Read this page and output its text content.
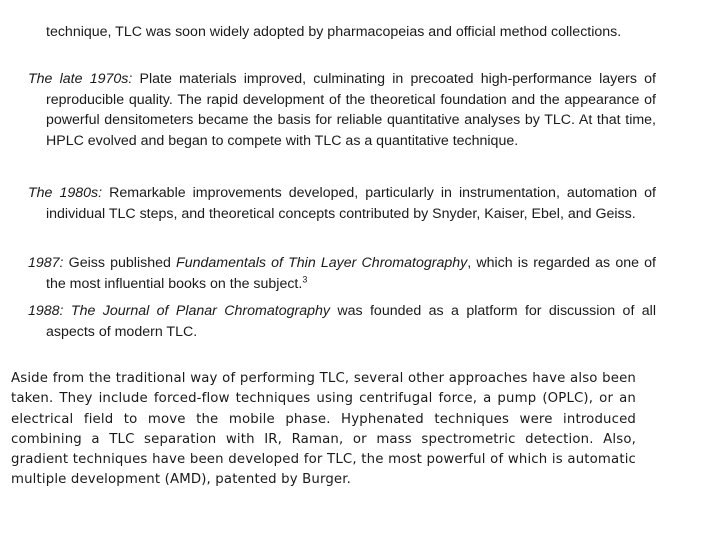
technique, TLC was soon widely adopted by pharmacopeias and official method collections.

The late 1970s: Plate materials improved, culminating in precoated high-performance layers of reproducible quality. The rapid development of the theoretical foundation and the appearance of powerful densitometers became the basis for reliable quantitative analyses by TLC. At that time, HPLC evolved and began to compete with TLC as a quantitative technique.

The 1980s: Remarkable improvements developed, particularly in instrumentation, automation of individual TLC steps, and theoretical concepts contributed by Snyder, Kaiser, Ebel, and Geiss.

1987: Geiss published Fundamentals of Thin Layer Chromatography, which is regarded as one of the most influential books on the subject.$^3$

1988: The Journal of Planar Chromatography was founded as a platform for discussion of all aspects of modern TLC.

Aside from the traditional way of performing TLC, several other approaches have also been taken. They include forced-flow techniques using centrifugal force, a pump (OPLC), or an electrical field to move the mobile phase. Hyphenated techniques were introduced combining a TLC separation with IR, Raman, or mass spectrometric detection. Also, gradient techniques have been developed for TLC, the most powerful of which is automatic multiple development (AMD), patented by Burger.
